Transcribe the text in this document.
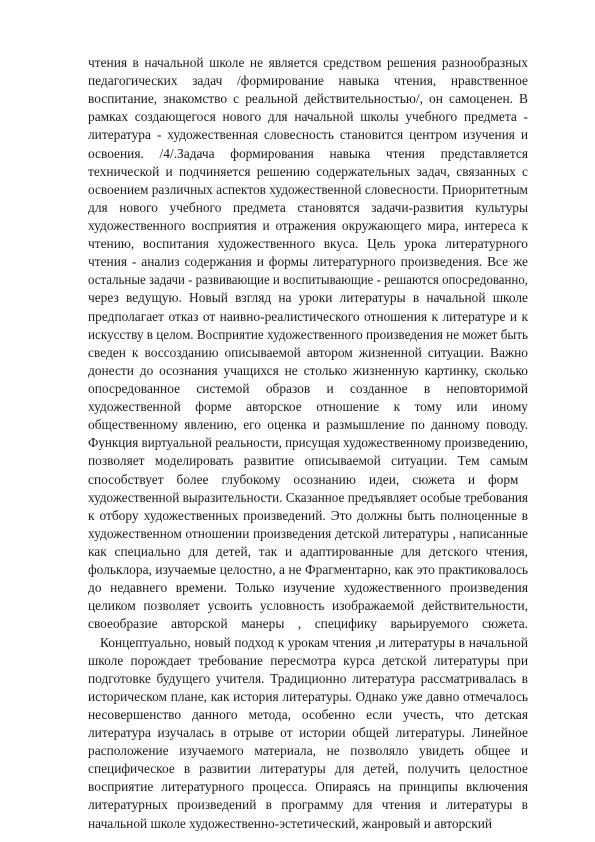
чтения в начальной школе не является средством решения разнообразных
педагогических задач /формирование навыка чтения, нравственное
воспитание, знакомство с реальной действительностью/, он самоценен. В
рамках создающегося нового для начальной школы учебного предмета -
литература - художественная словесность становится центром изучения и
освоения. /4/.Задача формирования навыка чтения представляется
технической и подчиняется решению содержательных задач, связанных с
освоением различных аспектов художественной словесности. Приоритетным
для нового учебного предмета становятся задачи-развития культуры
художественного восприятия и отражения окружающего мира, интереса к
чтению, воспитания художественного вкуса. Цель урока литературного
чтения - анализ содержания и формы литературного произведения. Все же
остальные задачи - развивающие и воспитывающие - решаются опосредованно,
через ведущую. Новый взгляд на уроки литературы в начальной школе
предполагает отказ от наивно-реалистического отношения к литературе и к
искусству в целом. Восприятие художественного произведения не может быть
сведен к воссозданию описываемой автором жизненной ситуации. Важно
донести до осознания учащихся не столько жизненную картинку, сколько
опосредованное системой образов и созданное в неповторимой
художественной форме авторское отношение к тому или иному
общественному явлению, его оценка и размышление по данному поводу.
Функция виртуальной реальности, присущая художественному произведению,
позволяет моделировать развитие описываемой ситуации. Тем самым
способствует более глубокому осознанию идеи, сюжета и форм
художественной выразительности. Сказанное предъявляет особые требования
к отбору художественных произведений. Это должны быть полноценные в
художественном отношении произведения детской литературы , написанные
как специально для детей, так и адаптированные для детского чтения,
фольклора, изучаемые целостно, а не Фрагментарно, как это практиковалось
до недавнего времени. Только изучение художественного произведения
целиком позволяет усвоить условность изображаемой действительности,
своеобразие авторской манеры , специфику варьируемого сюжета.
Концептуально, новый подход к урокам чтения ,и литературы в начальной
школе порождает требование пересмотра курса детской литературы при
подготовке будущего учителя. Традиционно литература рассматривалась в
историческом плане, как история литературы. Однако уже давно отмечалось
несовершенство данного метода, особенно если учесть, что детская
литература изучалась в отрыве от истории общей литературы. Линейное
расположение изучаемого материала, не позволяло увидеть общее и
специфическое в развитии литературы для детей, получить целостное
восприятие литературного процесса. Опираясь на принципы включения
литературных произведений в программу для чтения и литературы в
начальной школе художественно-эстетический, жанровый и авторский
